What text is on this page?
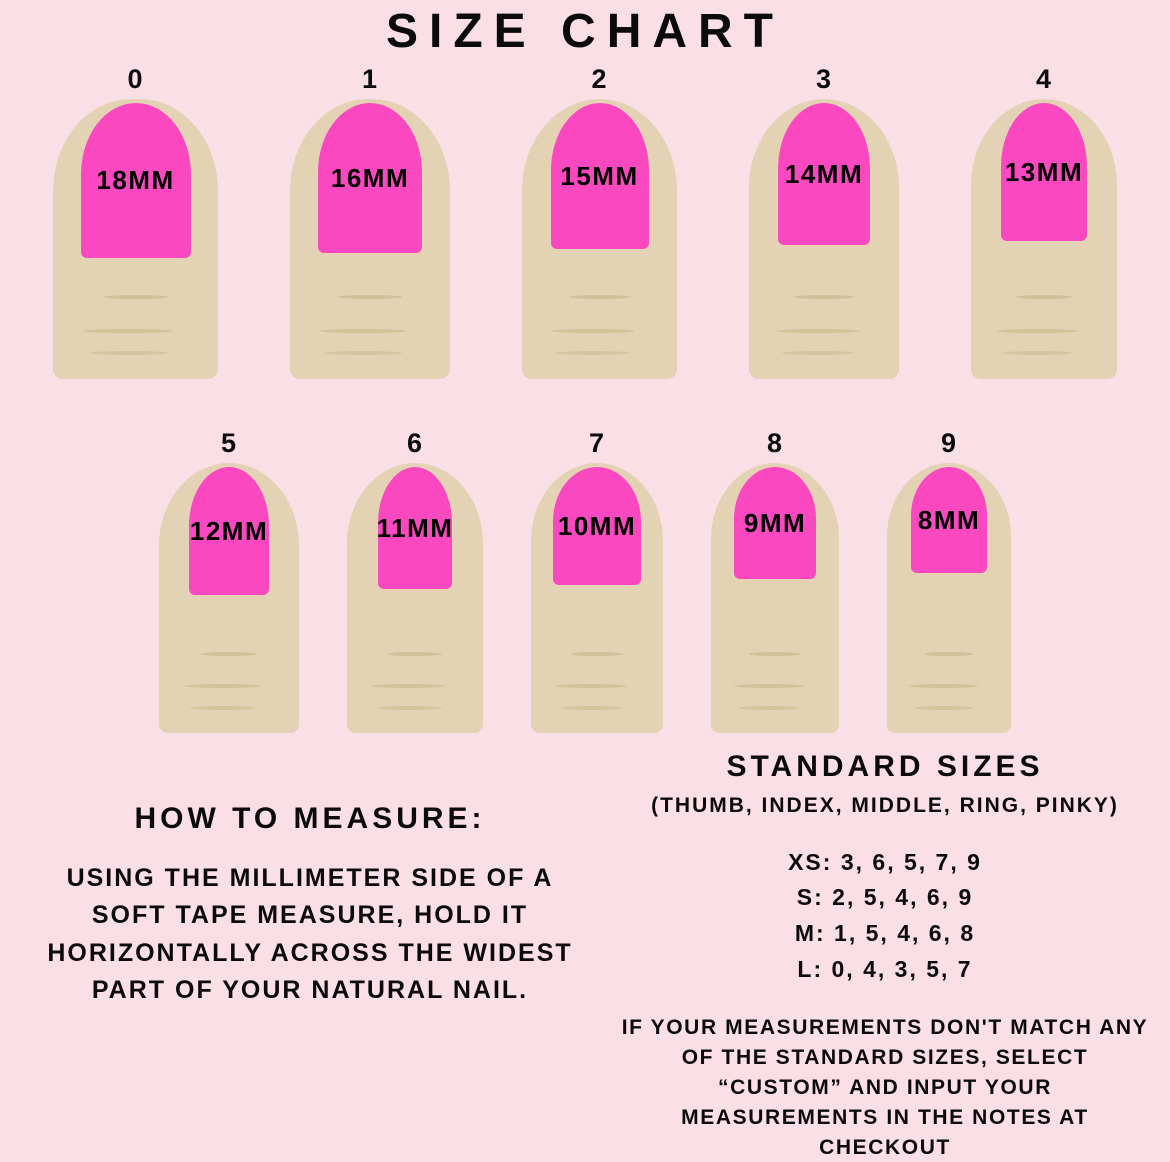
SIZE CHART
0
18MM
1
16MM
2
15MM
3
14MM
4
13MM
5
12MM
6
11MM
7
10MM
8
9MM
9
8MM
HOW TO MEASURE:
USING THE MILLIMETER SIDE OF A SOFT TAPE MEASURE, HOLD IT HORIZONTALLY ACROSS THE WIDEST PART OF YOUR NATURAL NAIL.
STANDARD SIZES
(THUMB, INDEX, MIDDLE, RING, PINKY)
XS: 3, 6, 5, 7, 9
S: 2, 5, 4, 6, 9
M: 1, 5, 4, 6, 8
L: 0, 4, 3, 5, 7
IF YOUR MEASUREMENTS DON'T MATCH ANY OF THE STANDARD SIZES, SELECT “CUSTOM” AND INPUT YOUR MEASUREMENTS IN THE NOTES AT CHECKOUT
